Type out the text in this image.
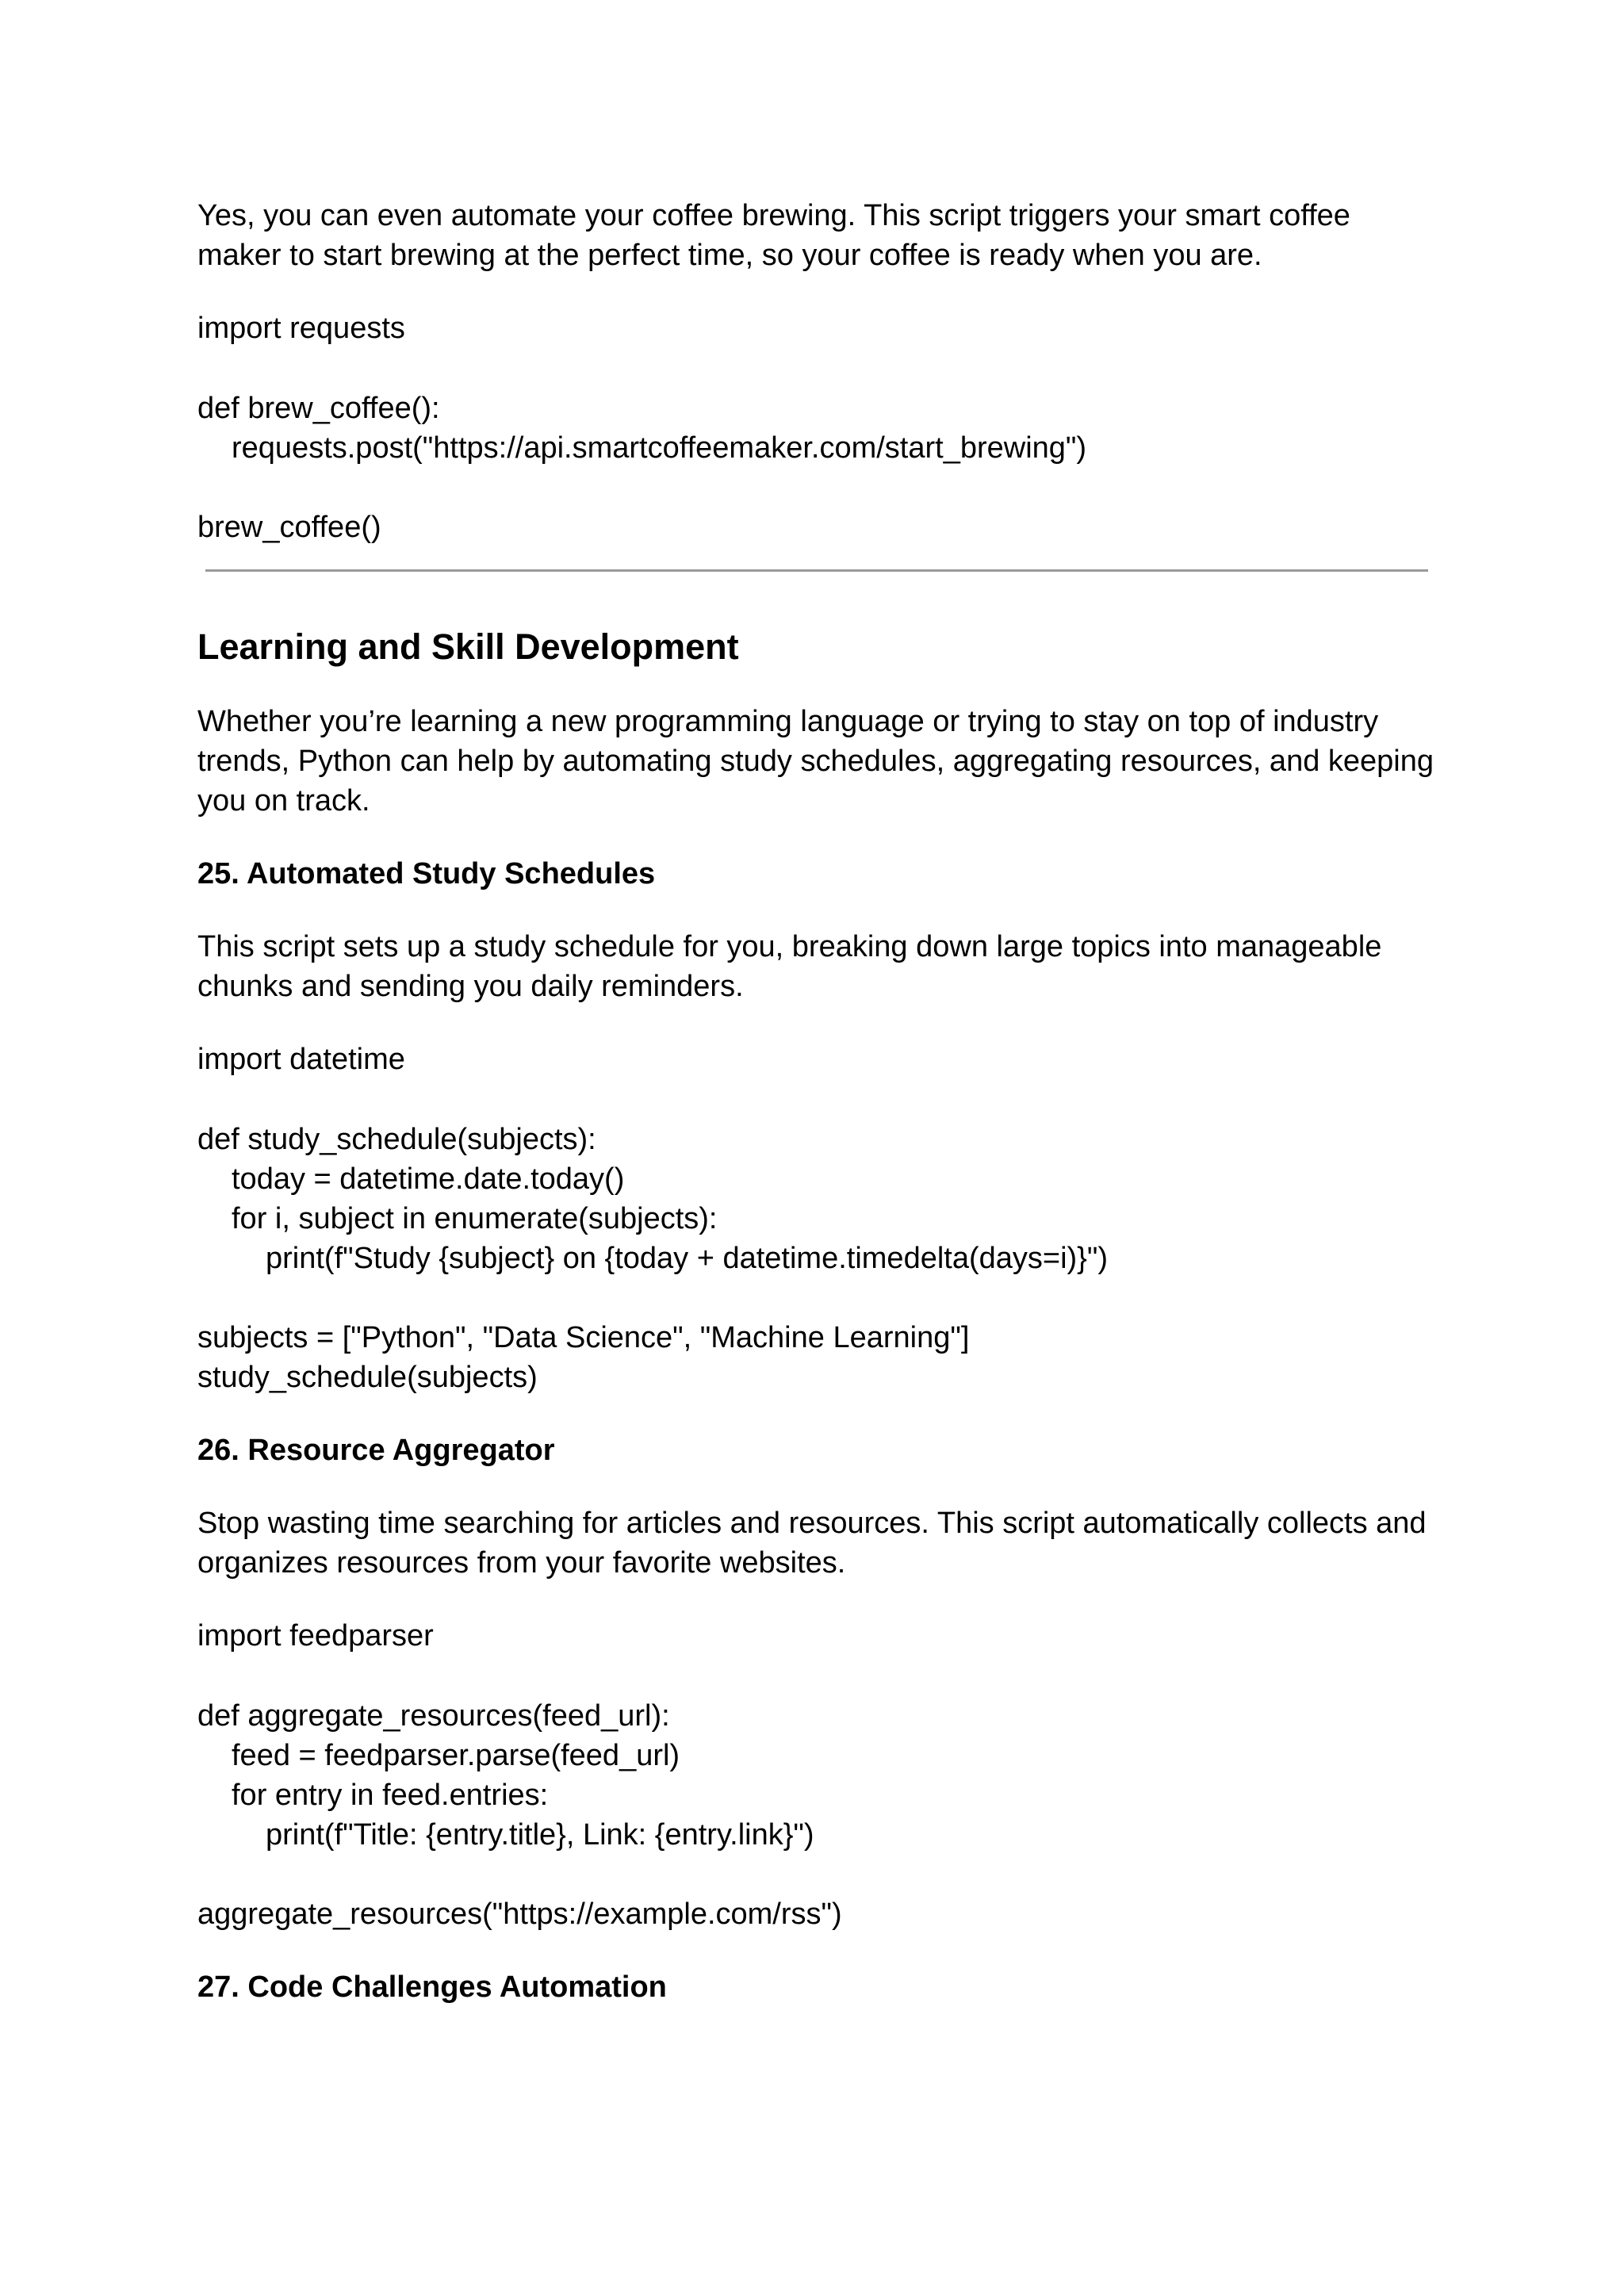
Yes, you can even automate your coffee brewing. This script triggers your smart coffee

maker to start brewing at the perfect time, so your coffee is ready when you are.

import requests

def brew_coffee():

requests.post("https://api.smartcoffeemaker.com/start_brewing")

brew_coffee()

Learning and Skill Development

Whether you’re learning a new programming language or trying to stay on top of industry

trends, Python can help by automating study schedules, aggregating resources, and keeping

you on track.

25. Automated Study Schedules

This script sets up a study schedule for you, breaking down large topics into manageable

chunks and sending you daily reminders.

import datetime

def study_schedule(subjects):

today = datetime.date.today()

for i, subject in enumerate(subjects):

print(f"Study {subject} on {today + datetime.timedelta(days=i)}")

subjects = ["Python", "Data Science", "Machine Learning"]

study_schedule(subjects)

26. Resource Aggregator

Stop wasting time searching for articles and resources. This script automatically collects and

organizes resources from your favorite websites.

import feedparser

def aggregate_resources(feed_url):

feed = feedparser.parse(feed_url)

for entry in feed.entries:

print(f"Title: {entry.title}, Link: {entry.link}")

aggregate_resources("https://example.com/rss")

27. Code Challenges Automation
